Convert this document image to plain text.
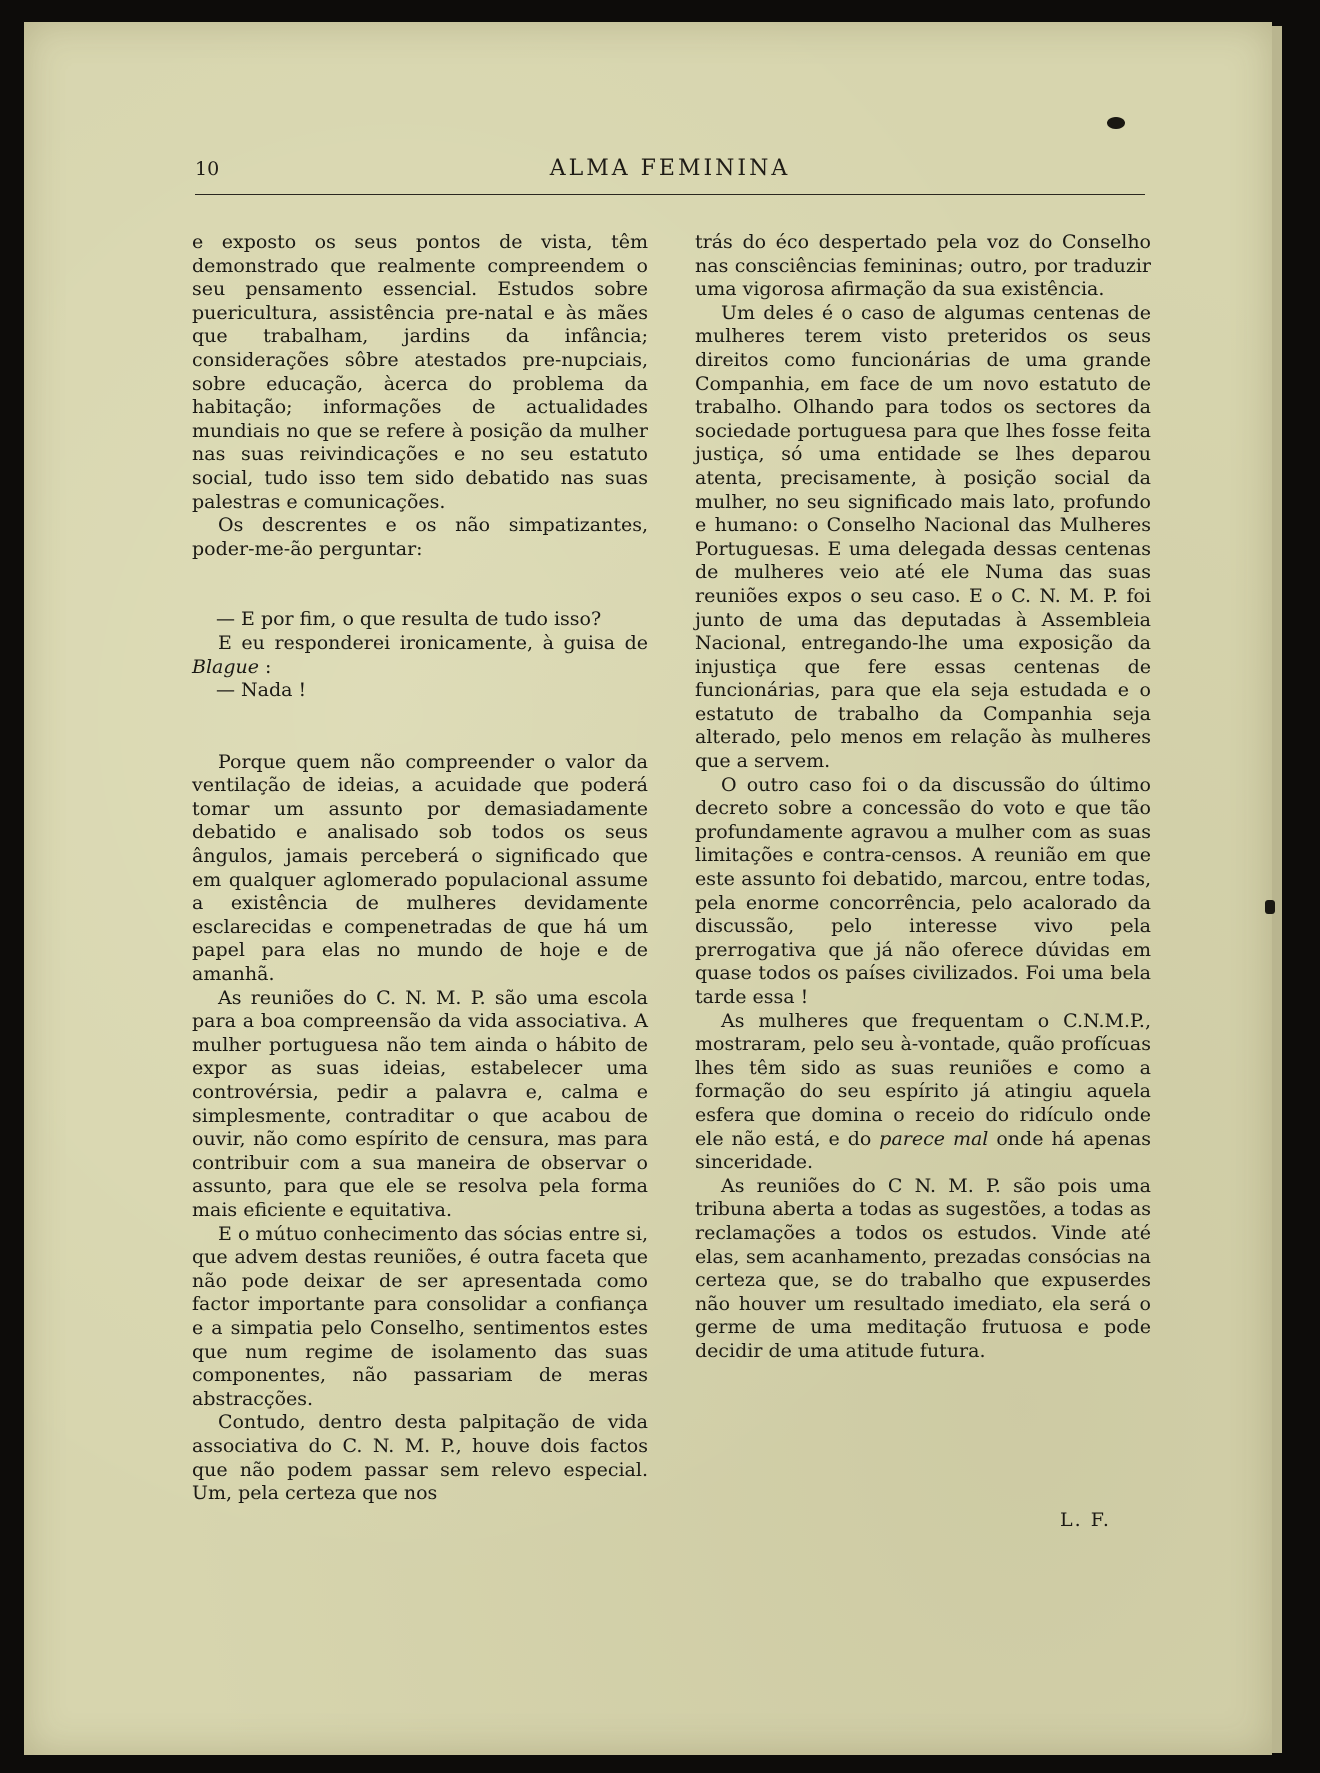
10	ALMA FEMININA

e exposto os seus pontos de vista, têm demonstrado que realmente compreendem o seu pensamento essencial. Estudos sobre puericultura, assistência pre-natal e às mães que trabalham, jardins da infância; considerações sôbre atestados pre-nupciais, sobre educação, àcerca do problema da habitação; informações de actualidades mundiais no que se refere à posição da mulher nas suas reivindicações e no seu estatuto social, tudo isso tem sido debatido nas suas palestras e comunicações.

Os descrentes e os não simpatizantes, poder-me-ão perguntar:

— E por fim, o que resulta de tudo isso?

E eu responderei ironicamente, à guisa de Blague :

— Nada !

Porque quem não compreender o valor da ventilação de ideias, a acuidade que poderá tomar um assunto por demasiadamente debatido e analisado sob todos os seus ângulos, jamais perceberá o significado que em qualquer aglomerado populacional assume a existência de mulheres devidamente esclarecidas e compenetradas de que há um papel para elas no mundo de hoje e de amanhã.

As reuniões do C. N. M. P. são uma escola para a boa compreensão da vida associativa. A mulher portuguesa não tem ainda o hábito de expor as suas ideias, estabelecer uma controvérsia, pedir a palavra e, calma e simplesmente, contraditar o que acabou de ouvir, não como espírito de censura, mas para contribuir com a sua maneira de observar o assunto, para que ele se resolva pela forma mais eficiente e equitativa.

E o mútuo conhecimento das sócias entre si, que advem destas reuniões, é outra faceta que não pode deixar de ser apresentada como factor importante para consolidar a confiança e a simpatia pelo Conselho, sentimentos estes que num regime de isolamento das suas componentes, não passariam de meras abstracções.

Contudo, dentro desta palpitação de vida associativa do C. N. M. P., houve dois factos que não podem passar sem relevo especial. Um, pela certeza que nos

trás do éco despertado pela voz do Conselho nas consciências femininas; outro, por traduzir uma vigorosa afirmação da sua existência.

Um deles é o caso de algumas centenas de mulheres terem visto preteridos os seus direitos como funcionárias de uma grande Companhia, em face de um novo estatuto de trabalho. Olhando para todos os sectores da sociedade portuguesa para que lhes fosse feita justiça, só uma entidade se lhes deparou atenta, precisamente, à posição social da mulher, no seu significado mais lato, profundo e humano: o Conselho Nacional das Mulheres Portuguesas. E uma delegada dessas centenas de mulheres veio até ele Numa das suas reuniões expos o seu caso. E o C. N. M. P. foi junto de uma das deputadas à Assembleia Nacional, entregando-lhe uma exposição da injustiça que fere essas centenas de funcionárias, para que ela seja estudada e o estatuto de trabalho da Companhia seja alterado, pelo menos em relação às mulheres que a servem.

O outro caso foi o da discussão do último decreto sobre a concessão do voto e que tão profundamente agravou a mulher com as suas limitações e contra-censos. A reunião em que este assunto foi debatido, marcou, entre todas, pela enorme concorrência, pelo acalorado da discussão, pelo interesse vivo pela prerrogativa que já não oferece dúvidas em quase todos os países civilizados. Foi uma bela tarde essa !

As mulheres que frequentam o C.N.M.P., mostraram, pelo seu à-vontade, quão profícuas lhes têm sido as suas reuniões e como a formação do seu espírito já atingiu aquela esfera que domina o receio do ridículo onde ele não está, e do parece mal onde há apenas sinceridade.

As reuniões do C N. M. P. são pois uma tribuna aberta a todas as sugestões, a todas as reclamações a todos os estudos. Vinde até elas, sem acanhamento, prezadas consócias na certeza que, se do trabalho que expuserdes não houver um resultado imediato, ela será o germe de uma meditação frutuosa e pode decidir de uma atitude futura.

L. F.
